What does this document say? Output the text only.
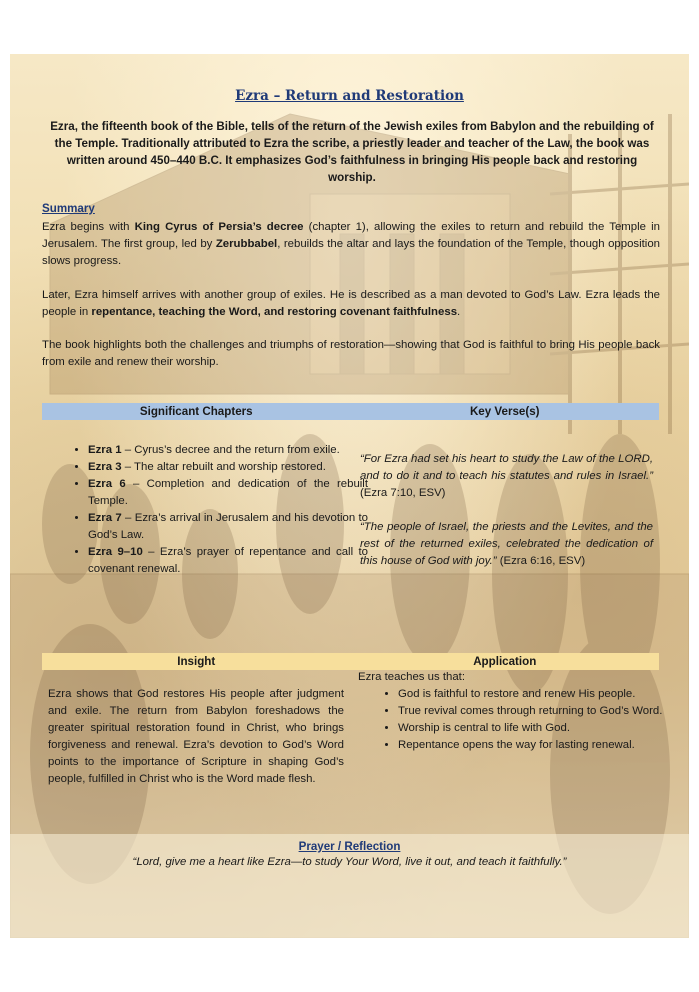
Ezra – Return and Restoration
Ezra, the fifteenth book of the Bible, tells of the return of the Jewish exiles from Babylon and the rebuilding of the Temple. Traditionally attributed to Ezra the scribe, a priestly leader and teacher of the Law, the book was written around 450–440 B.C. It emphasizes God’s faithfulness in bringing His people back and restoring worship.
Summary
Ezra begins with King Cyrus of Persia’s decree (chapter 1), allowing the exiles to return and rebuild the Temple in Jerusalem. The first group, led by Zerubbabel, rebuilds the altar and lays the foundation of the Temple, though opposition slows progress.
Later, Ezra himself arrives with another group of exiles. He is described as a man devoted to God’s Law. Ezra leads the people in repentance, teaching the Word, and restoring covenant faithfulness.
The book highlights both the challenges and triumphs of restoration—showing that God is faithful to bring His people back from exile and renew their worship.
Significant Chapters	Key Verse(s)
• Ezra 1 – Cyrus’s decree and the return from exile.
• Ezra 3 – The altar rebuilt and worship restored.
• Ezra 6 – Completion and dedication of the rebuilt Temple.
• Ezra 7 – Ezra’s arrival in Jerusalem and his devotion to God’s Law.
• Ezra 9–10 – Ezra’s prayer of repentance and call to covenant renewal.
“For Ezra had set his heart to study the Law of the LORD, and to do it and to teach his statutes and rules in Israel.” (Ezra 7:10, ESV)
“The people of Israel, the priests and the Levites, and the rest of the returned exiles, celebrated the dedication of this house of God with joy.” (Ezra 6:16, ESV)
Insight	Application
Ezra shows that God restores His people after judgment and exile. The return from Babylon foreshadows the greater spiritual restoration found in Christ, who brings forgiveness and renewal. Ezra’s devotion to God’s Word points to the importance of Scripture in shaping God’s people, fulfilled in Christ who is the Word made flesh.
Ezra teaches us that:
• God is faithful to restore and renew His people.
• True revival comes through returning to God’s Word.
• Worship is central to life with God.
• Repentance opens the way for lasting renewal.
Prayer / Reflection
“Lord, give me a heart like Ezra—to study Your Word, live it out, and teach it faithfully.”
